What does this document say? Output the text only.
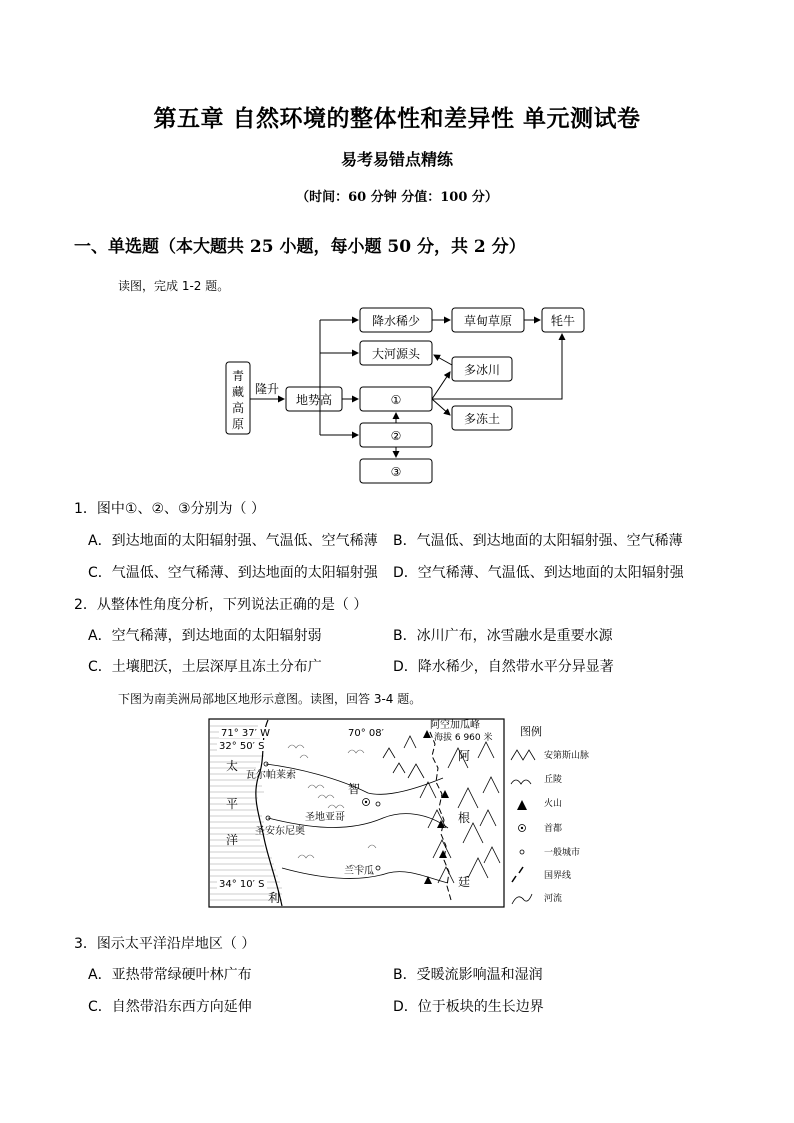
第五章 自然环境的整体性和差异性 单元测试卷
易考易错点精练
（时间：60 分钟 分值：100 分）
一、单选题（本大题共 25 小题，每小题 50 分，共 2 分）
读图，完成 1-2 题。
青
藏
高
原
隆升
地势高
降水稀少	草甸草原	牦牛
大河源头
多冰川
①
多冻土
②
③
1．图中①、②、③分别为（ ）
A．到达地面的太阳辐射强、气温低、空气稀薄 B．气温低、到达地面的太阳辐射强、空气稀薄
C．气温低、空气稀薄、到达地面的太阳辐射强 D．空气稀薄、气温低、到达地面的太阳辐射强
2．从整体性角度分析，下列说法正确的是（ ）
A．空气稀薄，到达地面的太阳辐射弱	B．冰川广布，冰雪融水是重要水源
C．土壤肥沃，土层深厚且冻土分布广	D．降水稀少，自然带水平分异显著
下图为南美洲局部地区地形示意图。读图，回答 3-4 题。
71° 37′ W	70° 08′
32° 50′ S
34° 10′ S
阿空加瓜峰
海拔 6 960 米
太
平
洋
瓦尔帕莱索
智
利
圣地亚哥
圣安东尼奥
兰卡瓜
阿
根
廷
图例
安第斯山脉
丘陵
火山
首都
一般城市
国界线
河流
3．图示太平洋沿岸地区（ ）
A．亚热带常绿硬叶林广布	B．受暖流影响温和湿润
C．自然带沿东西方向延伸	D．位于板块的生长边界
